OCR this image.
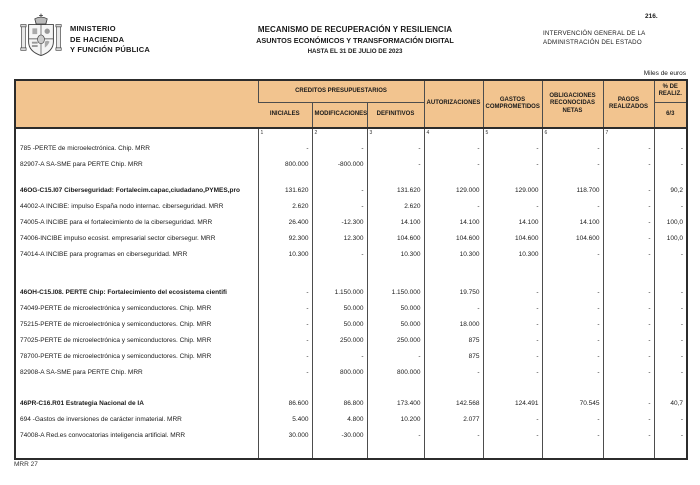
216.
MINISTERIO
DE HACIENDA
Y FUNCIÓN PÚBLICA
MECANISMO DE RECUPERACIÓN Y RESILIENCIA
ASUNTOS ECONÓMICOS Y TRANSFORMACIÓN DIGITAL
HASTA EL 31 DE JULIO DE 2023
INTERVENCIÓN GENERAL DE LA
ADMINISTRACIÓN DEL ESTADO
Miles de euros
	CREDITOS PRESUPUESTARIOS			AUTORIZACIONES	GASTOS COMPROMETIDOS	OBLIGACIONES RECONOCIDAS NETAS	PAGOS REALIZADOS	% DE REALIZ.
	INICIALES	MODIFICACIONES	DEFINITIVOS					6/3
	1	2	3	4	5	6	7	
785 -PERTE de microelectrónica. Chip. MRR	-	-	-	-	-	-	-	-
82907-A SA-SME para PERTE Chip. MRR	800.000	-800.000	-	-	-	-	-	-

46OG-C15.I07 Ciberseguridad: Fortalecim.capac,ciudadano,PYMES,pro	131.620	-	131.620	129.000	129.000	118.700	-	90,2
44002-A INCIBE: impulso España nodo internac. ciberseguridad. MRR	2.620	-	2.620	-	-	-	-	-
74005-A INCIBE para el fortalecimiento de la ciberseguridad. MRR	26.400	-12.300	14.100	14.100	14.100	14.100	-	100,0
74006-INCIBE impulso ecosist. empresarial sector cibersegur. MRR	92.300	12.300	104.600	104.600	104.600	104.600	-	100,0
74014-A INCIBE para programas en ciberseguridad. MRR	10.300	-	10.300	10.300	10.300	-	-	-

46OH-C15.I08. PERTE Chip: Fortalecimiento del ecosistema cientifi	-	1.150.000	1.150.000	19.750	-	-	-	-
74049-PERTE de microelectrónica y semiconductores. Chip. MRR	-	50.000	50.000	-	-	-	-	-
75215-PERTE de microelectrónica y semiconductores. Chip. MRR	-	50.000	50.000	18.000	-	-	-	-
77025-PERTE de microelectrónica y semiconductores. Chip. MRR	-	250.000	250.000	875	-	-	-	-
78700-PERTE de microelectrónica y semiconductores. Chip. MRR	-	-	-	875	-	-	-	-
82908-A SA-SME para PERTE Chip. MRR	-	800.000	800.000	-	-	-	-	-

46PR-C16.R01 Estrategia Nacional de IA	86.600	86.800	173.400	142.568	124.491	70.545	-	40,7
694 -Gastos de inversiones de carácter inmaterial. MRR	5.400	4.800	10.200	2.077	-	-	-	-
74008-A Red.es convocatorias inteligencia artificial. MRR	30.000	-30.000	-	-	-	-	-	-

MRR 27
